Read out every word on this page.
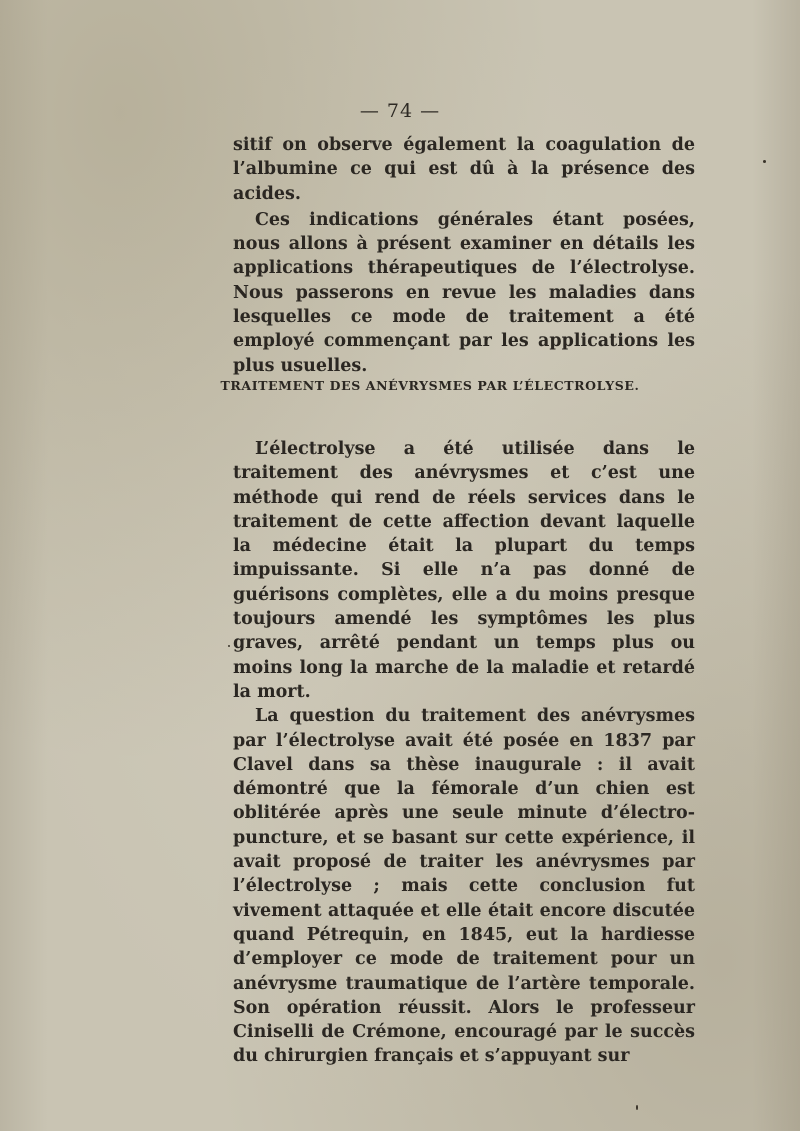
— 74 —

sitif on observe également la coagulation de l’albumine ce qui est dû à la présence des acides.

Ces indications générales étant posées, nous allons à présent examiner en détails les applications thérapeutiques de l’électrolyse. Nous passerons en revue les maladies dans lesquelles ce mode de traitement a été employé commençant par les applications les plus usuelles.

TRAITEMENT DES ANÉVRYSMES PAR L’ÉLECTROLYSE.

L’électrolyse a été utilisée dans le traitement des anévrysmes et c’est une méthode qui rend de réels services dans le traitement de cette affection devant laquelle la médecine était la plupart du temps impuissante. Si elle n’a pas donné de guérisons complètes, elle a du moins presque toujours amendé les symptômes les plus graves, arrêté pendant un temps plus ou moins long la marche de la maladie et retardé la mort.

La question du traitement des anévrysmes par l’électrolyse avait été posée en 1837 par Clavel dans sa thèse inaugurale : il avait démontré que la fémorale d’un chien est oblitérée après une seule minute d’électro-puncture, et se basant sur cette expérience, il avait proposé de traiter les anévrysmes par l’électrolyse ; mais cette conclusion fut vivement attaquée et elle était encore discutée quand Pétrequin, en 1845, eut la hardiesse d’employer ce mode de traitement pour un anévrysme traumatique de l’artère temporale. Son opération réussit. Alors le professeur Ciniselli de Crémone, encouragé par le succès du chirurgien français et s’appuyant sur
